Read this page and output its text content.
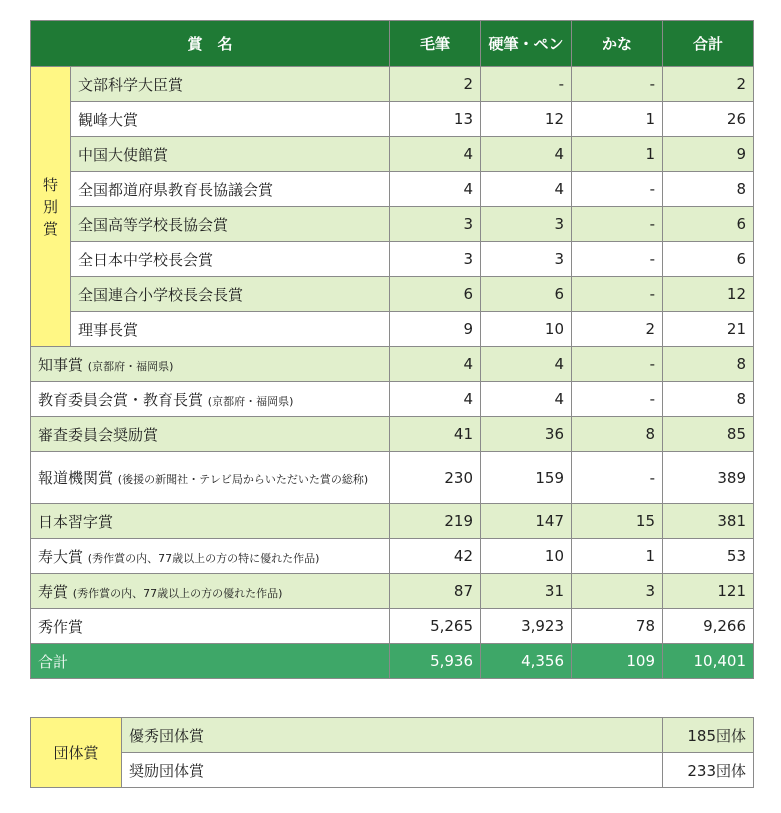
賞　名		毛筆	硬筆・ペン	かな	合計

特
別
賞	文部科学大臣賞	2	-	-	2
	観峰大賞	13	12	1	26
	中国大使館賞	4	4	1	9
	全国都道府県教育長協議会賞	4	4	-	8
	全国高等学校長協会賞	3	3	-	6
	全日本中学校長会賞	3	3	-	6
	全国連合小学校長会長賞	6	6	-	12
	理事長賞	9	10	2	21
知事賞 (京都府・福岡県)		4	4	-	8
教育委員会賞・教育長賞 (京都府・福岡県)		4	4	-	8
審査委員会奨励賞		41	36	8	85
報道機関賞 (後援の新聞社・テレビ局からいただいた賞の総称)		230	159	-	389
日本習字賞		219	147	15	381
寿大賞 (秀作賞の内、77歳以上の方の特に優れた作品)		42	10	1	53
寿賞 (秀作賞の内、77歳以上の方の優れた作品)		87	31	3	121
秀作賞		5,265	3,923	78	9,266
合計		5,936	4,356	109	10,401
団体賞	優秀団体賞	185団体
	奨励団体賞	233団体
